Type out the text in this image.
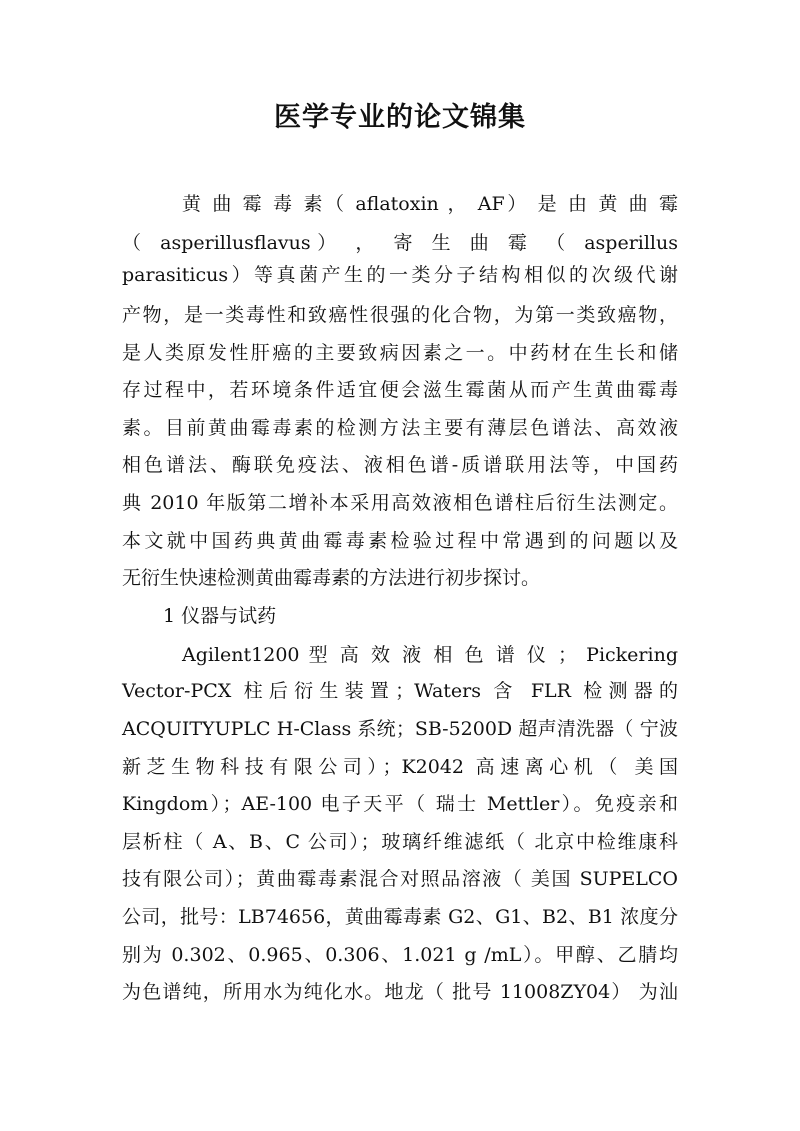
医学专业的论文锦集

黄 曲 霉 毒 素（ aflatoxin ， AF） 是 由 黄 曲 霉

（ asperillusflavus） ， 寄 生 曲 霉 （ asperillus

parasiticus）等真菌产生的一类分子结构相似的次级代谢

产物，是一类毒性和致癌性很强的化合物，为第一类致癌物，

是人类原发性肝癌的主要致病因素之一。中药材在生长和储

存过程中，若环境条件适宜便会滋生霉菌从而产生黄曲霉毒

素。目前黄曲霉毒素的检测方法主要有薄层色谱法、高效液

相色谱法、酶联免疫法、液相色谱-质谱联用法等，中国药

典 2010 年版第二增补本采用高效液相色谱柱后衍生法测定。

本文就中国药典黄曲霉毒素检验过程中常遇到的问题以及

无衍生快速检测黄曲霉毒素的方法进行初步探讨。

1 仪器与试药

Agilent1200 型 高 效 液 相 色 谱 仪 ； Pickering

Vector-PCX 柱后衍生装置；Waters 含 FLR 检测器的

ACQUITYUPLC H-Class 系统；SB-5200D 超声清洗器（ 宁波

新芝生物科技有限公司）；K2042 高速离心机（ 美国

Kingdom）；AE-100 电子天平（ 瑞士 Mettler）。免疫亲和

层析柱（ A、B、C 公司）；玻璃纤维滤纸（ 北京中检维康科

技有限公司）；黄曲霉毒素混合对照品溶液（ 美国 SUPELCO

公司，批号：LB74656，黄曲霉毒素 G2、G1、B2、B1 浓度分

别为 0.302、0.965、0.306、1.021 g /mL）。甲醇、乙腈均

为色谱纯，所用水为纯化水。地龙（ 批号 11008ZY04） 为汕
